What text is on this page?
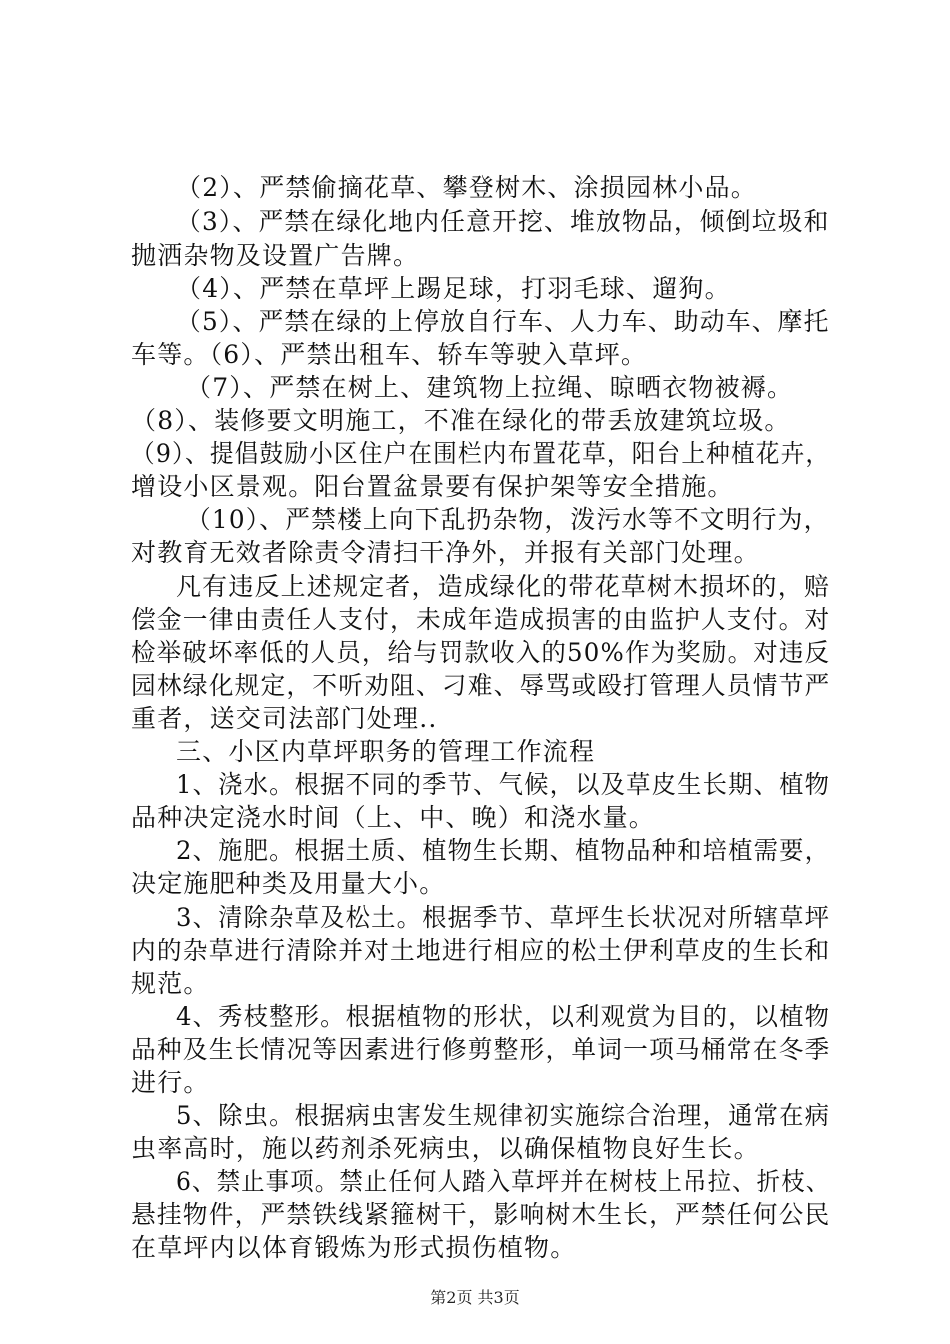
（2）、严禁偷摘花草、攀登树木、涂损园林小品。
（3）、严禁在绿化地内任意开挖、堆放物品，倾倒垃圾和
抛洒杂物及设置广告牌。
（4）、严禁在草坪上踢足球，打羽毛球、遛狗。
（5）、严禁在绿的上停放自行车、人力车、助动车、摩托
车等。（6）、严禁出租车、轿车等驶入草坪。
（7）、严禁在树上、建筑物上拉绳、晾晒衣物被褥。
（8）、装修要文明施工，不准在绿化的带丢放建筑垃圾。
（9）、提倡鼓励小区住户在围栏内布置花草，阳台上种植花卉，
增设小区景观。阳台置盆景要有保护架等安全措施。
（10）、严禁楼上向下乱扔杂物，泼污水等不文明行为，
对教育无效者除责令清扫干净外，并报有关部门处理。
凡有违反上述规定者，造成绿化的带花草树木损坏的，赔
偿金一律由责任人支付，未成年造成损害的由监护人支付。对
检举破坏率低的人员，给与罚款收入的50%作为奖励。对违反
园林绿化规定，不听劝阻、刁难、辱骂或殴打管理人员情节严
重者，送交司法部门处理..
三、小区内草坪职务的管理工作流程
1、浇水。根据不同的季节、气候，以及草皮生长期、植物
品种决定浇水时间（上、中、晚）和浇水量。
2、施肥。根据土质、植物生长期、植物品种和培植需要，
决定施肥种类及用量大小。
3、清除杂草及松土。根据季节、草坪生长状况对所辖草坪
内的杂草进行清除并对土地进行相应的松土伊利草皮的生长和
规范。
4、秀枝整形。根据植物的形状，以利观赏为目的，以植物
品种及生长情况等因素进行修剪整形，单词一项马桶常在冬季
进行。
5、除虫。根据病虫害发生规律初实施综合治理，通常在病
虫率高时，施以药剂杀死病虫，以确保植物良好生长。
6、禁止事项。禁止任何人踏入草坪并在树枝上吊拉、折枝、
悬挂物件，严禁铁线紧箍树干，影响树木生长，严禁任何公民
在草坪内以体育锻炼为形式损伤植物。
第2页 共3页
